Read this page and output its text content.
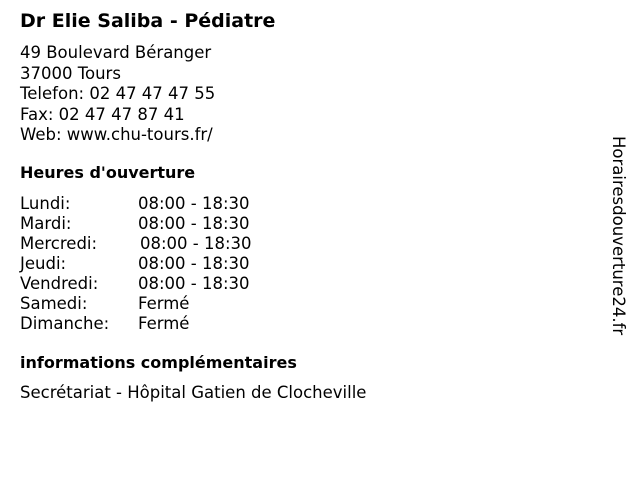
Dr Elie Saliba - Pédiatre
49 Boulevard Béranger
37000 Tours
Telefon: 02 47 47 47 55
Fax: 02 47 47 87 41
Web: www.chu-tours.fr/
Heures d'ouverture
Lundi:	08:00 - 18:30
Mardi:	08:00 - 18:30
Mercredi:	08:00 - 18:30
Jeudi:	08:00 - 18:30
Vendredi: 08:00 - 18:30
Samedi:	Fermé
Dimanche: Fermé
informations complémentaires
Secrétariat - Hôpital Gatien de Clocheville
Horairesdouverture24.fr
